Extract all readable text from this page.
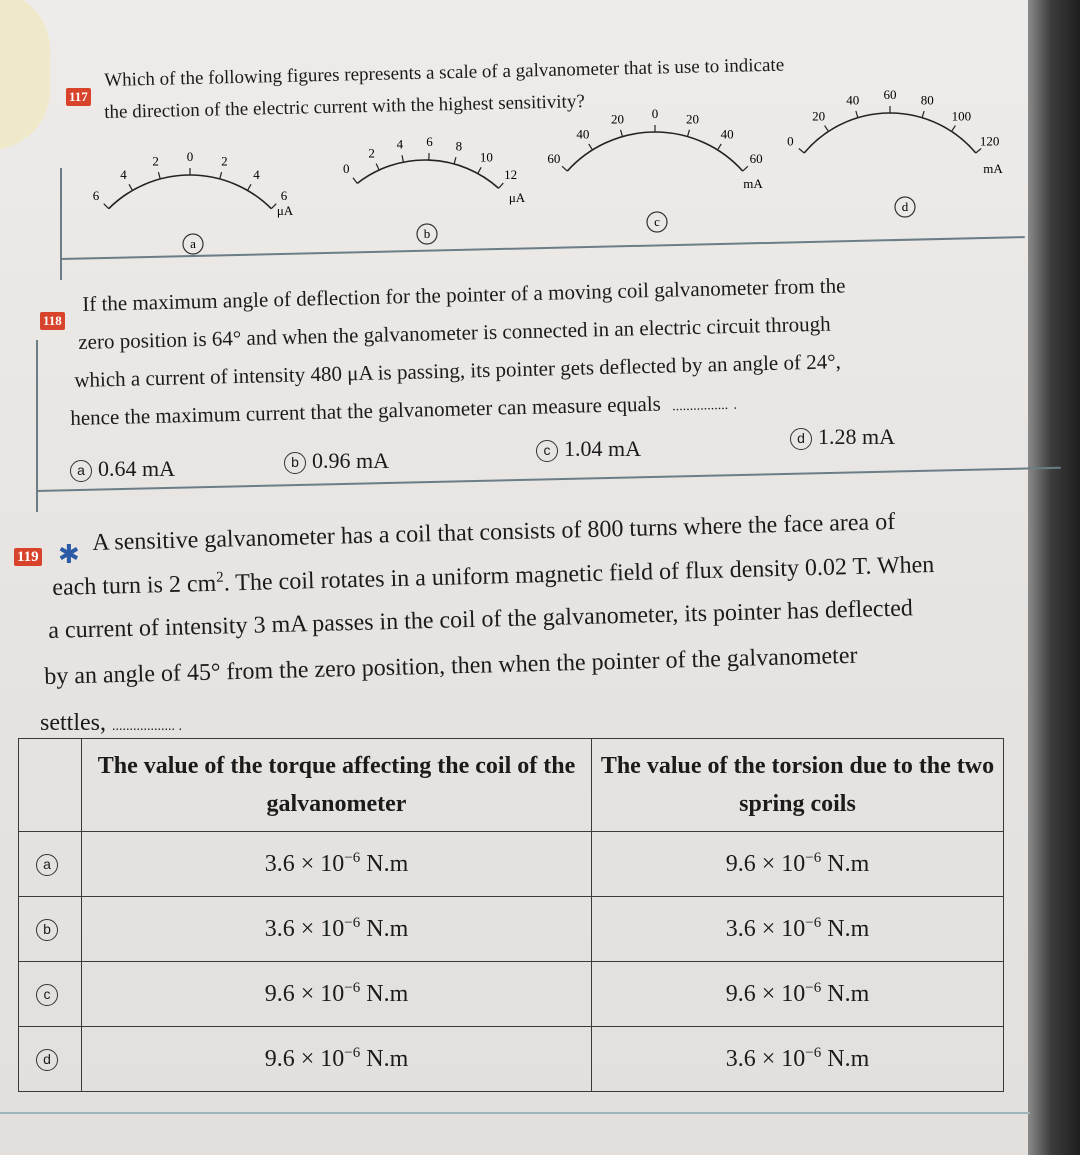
117
Which of the following figures represents a scale of a galvanometer that is use to indicate
the direction of the electric current with the highest sensitivity?
6
4
2 0 2
4
6
μA
a
0
2
4 6 8
10
12
μA
b
60
40
20 0 20
40
60
mA
c
0
20
40 60 80
100
120
mA
d
118
If the maximum angle of deflection for the pointer of a moving coil galvanometer from the
zero position is 64° and when the galvanometer is connected in an electric circuit through
which a current of intensity 480 μA is passing, its pointer gets deflected by an angle of 24°,
hence the maximum current that the galvanometer can measure equals ................ .
a 0.64 mA	b 0.96 mA	c 1.04 mA	d 1.28 mA
119 ✱ A sensitive galvanometer has a coil that consists of 800 turns where the face area of
each turn is 2 $cm^2$. The coil rotates in a uniform magnetic field of flux density 0.02 T. When
a current of intensity 3 mA passes in the coil of the galvanometer, its pointer has deflected
by an angle of 45° from the zero position, then when the pointer of the galvanometer
settles, .................. .
	The value of the torque affecting the coil of the galvanometer	The value of the torsion due to the two spring coils
a	$3.6 \times 10^{-6}$ N.m	$9.6 \times 10^{-6}$ N.m
b	$3.6 \times 10^{-6}$ N.m	$3.6 \times 10^{-6}$ N.m
c	$9.6 \times 10^{-6}$ N.m	$9.6 \times 10^{-6}$ N.m
d	$9.6 \times 10^{-6}$ N.m	$3.6 \times 10^{-6}$ N.m
